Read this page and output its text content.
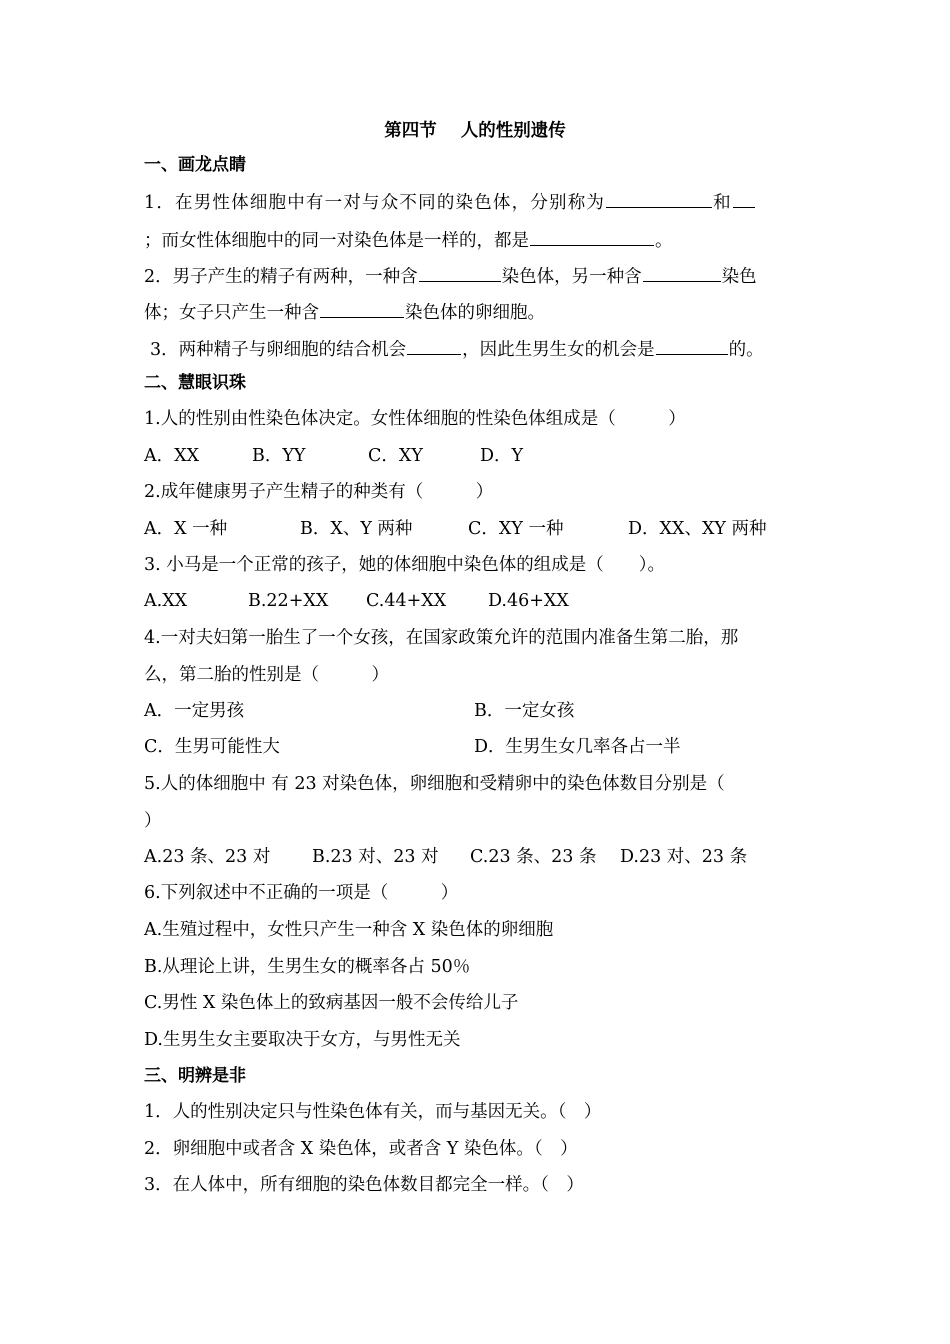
第四节 人的性别遗传
一、画龙点睛
1．在男性体细胞中有一对与众不同的染色体，分别称为	和
；而女性体细胞中的同一对染色体是一样的，都是	。
2．男子产生的精子有两种，一种含	染色体，另一种含	染色
体；女子只产生一种含	染色体的卵细胞。
3．两种精子与卵细胞的结合机会	，因此生男生女的机会是	的。
二、慧眼识珠
1.人的性别由性染色体决定。女性体细胞的性染色体组成是（　　　）
A．XX	B．YY	C．XY	D．Y
2.成年健康男子产生精子的种类有（　　　）
A．X 一种	B．X、Y 两种	C．XY 一种	D．XX、XY 两种
3. 小马是一个正常的孩子，她的体细胞中染色体的组成是（　　）。
A.XX	B.22+XX C.44+XX D.46+XX
4.一对夫妇第一胎生了一个女孩，在国家政策允许的范围内准备生第二胎，那
么，第二胎的性别是（　　　）
A．一定男孩	B．一定女孩
C．生男可能性大	D．生男生女几率各占一半
5.人的体细胞中 有 23 对染色体，卵细胞和受精卵中的染色体数目分别是（
）
A.23 条、23 对 B.23 对、23 对 C.23 条、23 条 D.23 对、23 条
6.下列叙述中不正确的一项是（　　　）
A.生殖过程中，女性只产生一种含 X 染色体的卵细胞
B.从理论上讲，生男生女的概率各占 50％
C.男性 X 染色体上的致病基因一般不会传给儿子
D.生男生女主要取决于女方，与男性无关
三、明辨是非
1．人的性别决定只与性染色体有关，而与基因无关。（　）
2．卵细胞中或者含 X 染色体，或者含 Y 染色体。（　）
3．在人体中，所有细胞的染色体数目都完全一样。（　）
